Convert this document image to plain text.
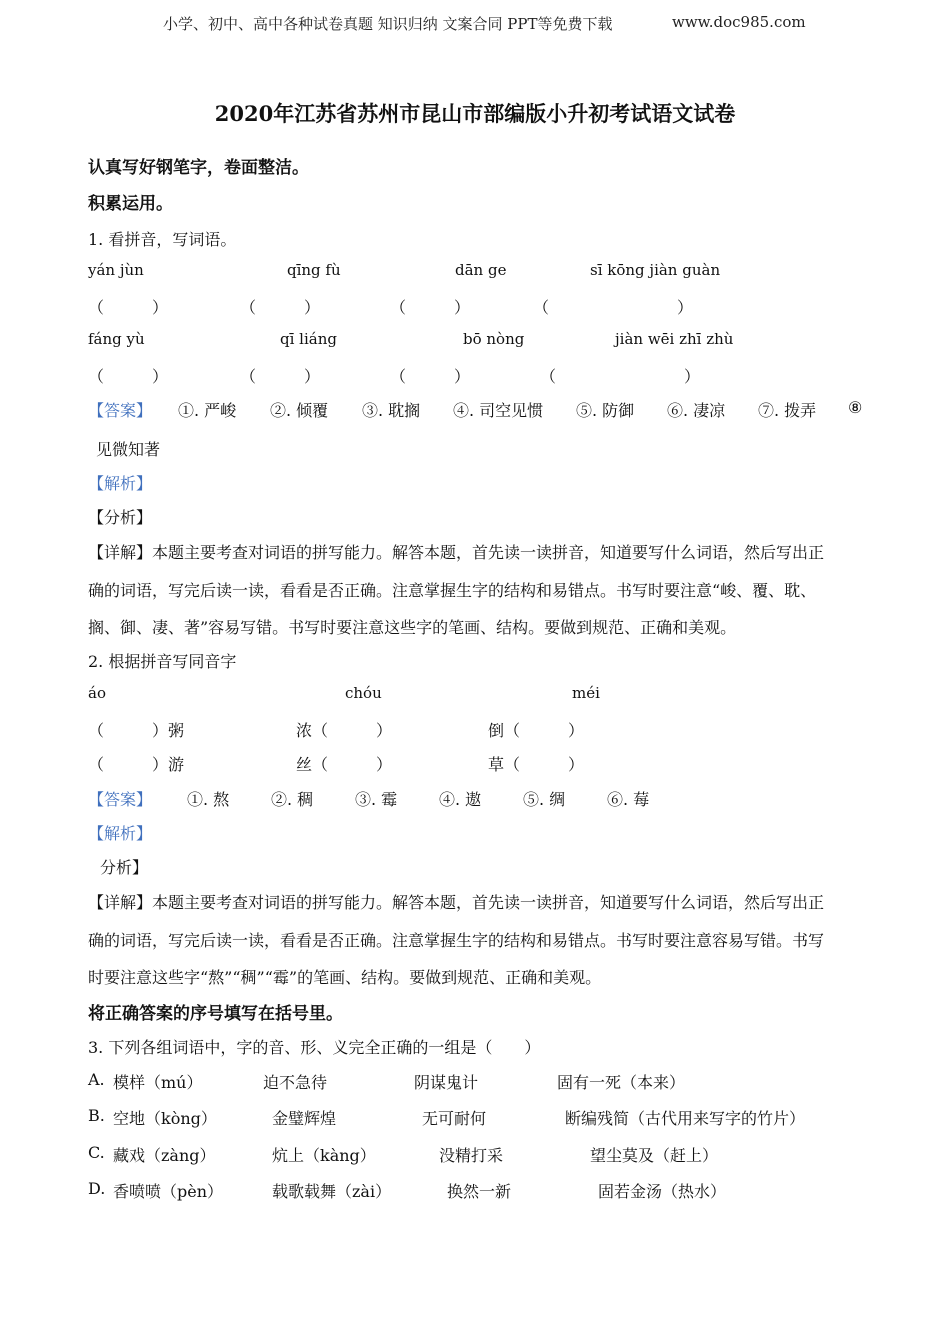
小学、初中、高中各种试卷真题 知识归纳 文案合同 PPT等免费下载	www.doc985.com
2020年江苏省苏州市昆山市部编版小升初考试语文试卷
认真写好钢笔字，卷面整洁。
积累运用。
1. 看拼音，写词语。
yán jùn	qīng fù	dān ge	sī kōng jiàn guàn
（　　　）	（　　　）	（　　　）	（　　　　　　　　）
fáng yù	qī liáng	bō nòng	jiàn wēi zhī zhù
（　　　）	（　　　）	（　　　）	（　　　　　　　　）
【答案】 ①. 严峻 ②. 倾覆 ③. 耽搁 ④. 司空见惯 ⑤. 防御 ⑥. 凄凉 ⑦. 拨弄 ⑧
见微知著
【解析】
【分析】
【详解】本题主要考查对词语的拼写能力。解答本题，首先读一读拼音，知道要写什么词语，然后写出正
确的词语，写完后读一读，看看是否正确。注意掌握生字的结构和易错点。书写时要注意“峻、覆、耽、
搁、御、凄、著”容易写错。书写时要注意这些字的笔画、结构。要做到规范、正确和美观。
2. 根据拼音写同音字
áo	chóu	méi
（　　　）粥	浓（　　　）	倒（　　　）
（　　　）游	丝（　　　）	草（　　　）
【答案】 ①. 熬	②. 稠	③. 霉	④. 遨	⑤. 绸	⑥. 莓
【解析】
分析】
【详解】本题主要考查对词语的拼写能力。解答本题，首先读一读拼音，知道要写什么词语，然后写出正
确的词语，写完后读一读，看看是否正确。注意掌握生字的结构和易错点。书写时要注意容易写错。书写
时要注意这些字“熬”“稠”“霉”的笔画、结构。要做到规范、正确和美观。
将正确答案的序号填写在括号里。
3. 下列各组词语中，字的音、形、义完全正确的一组是（　　）
A. 模样（mú）	迫不急待	阴谋鬼计	固有一死（本来）
B. 空地（kòng）	金璧辉煌	无可耐何	断编残简（古代用来写字的竹片）
C. 藏戏（zàng）	炕上（kàng）	没精打采	望尘莫及（赶上）
D. 香喷喷（pèn）	载歌载舞（zài）	换然一新	固若金汤（热水）
